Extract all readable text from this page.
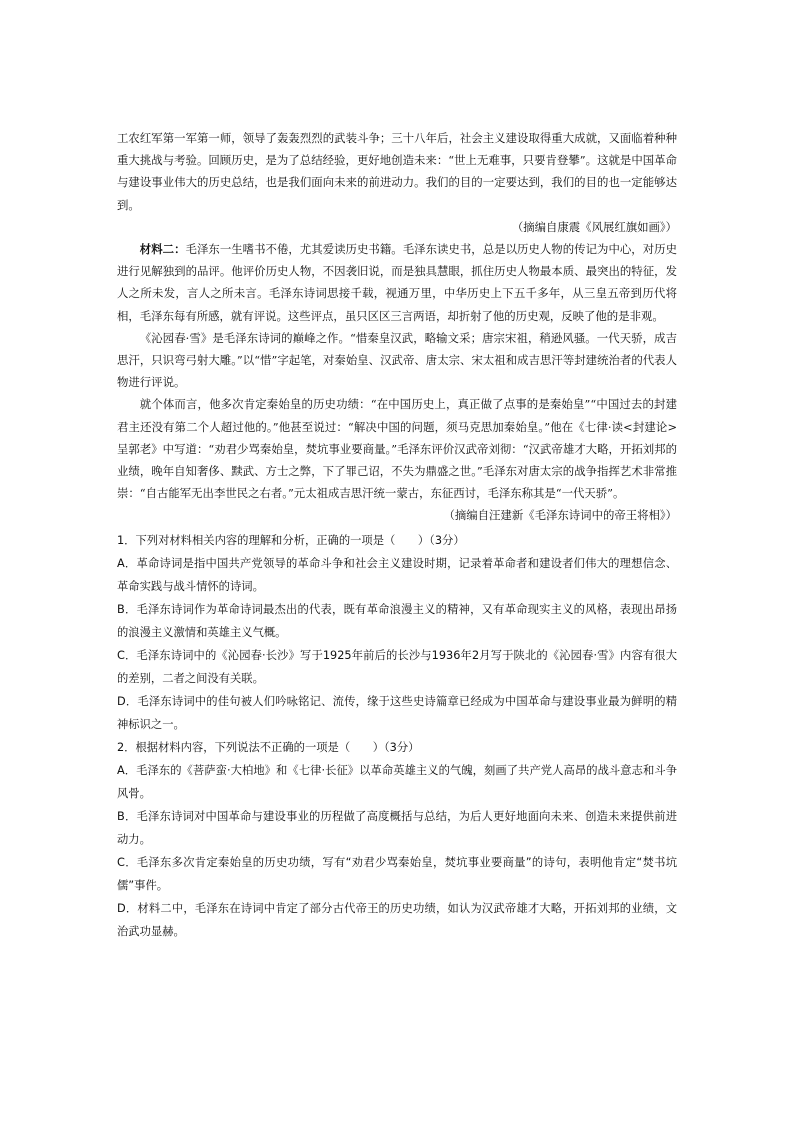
工农红军第一军第一师，领导了轰轰烈烈的武装斗争；三十八年后，社会主义建设取得重大成就，又面临着种种重大挑战与考验。回顾历史，是为了总结经验，更好地创造未来：“世上无难事，只要肯登攀”。这就是中国革命与建设事业伟大的历史总结，也是我们面向未来的前进动力。我们的目的一定要达到，我们的目的也一定能够达到。

（摘编自康震《风展红旗如画》）

材料二：毛泽东一生嗜书不倦，尤其爱读历史书籍。毛泽东读史书，总是以历史人物的传记为中心，对历史进行见解独到的品评。他评价历史人物，不因袭旧说，而是独具慧眼，抓住历史人物最本质、最突出的特征，发人之所未发，言人之所未言。毛泽东诗词思接千载，视通万里，中华历史上下五千多年，从三皇五帝到历代将相，毛泽东每有所感，就有评说。这些评点，虽只区区三言两语，却折射了他的历史观，反映了他的是非观。

《沁园春·雪》是毛泽东诗词的巅峰之作。“惜秦皇汉武，略输文采；唐宗宋祖，稍逊风骚。一代天骄，成吉思汗，只识弯弓射大雕。”以“惜”字起笔，对秦始皇、汉武帝、唐太宗、宋太祖和成吉思汗等封建统治者的代表人物进行评说。

就个体而言，他多次肯定秦始皇的历史功绩：“在中国历史上，真正做了点事的是秦始皇”“中国过去的封建君主还没有第二个人超过他的。”他甚至说过：“解决中国的问题，须马克思加秦始皇。”他在《七律·读<封建论>呈郭老》中写道：“劝君少骂秦始皇，焚坑事业要商量。”毛泽东评价汉武帝刘彻：“汉武帝雄才大略，开拓刘邦的业绩，晚年自知奢侈、黩武、方士之弊，下了罪己诏，不失为鼎盛之世。”毛泽东对唐太宗的战争指挥艺术非常推崇：“自古能军无出李世民之右者。”元太祖成吉思汗统一蒙古，东征西讨，毛泽东称其是“一代天骄”。

（摘编自汪建新《毛泽东诗词中的帝王将相》）

1．下列对材料相关内容的理解和分析，正确的一项是（　　）（3分）

A．革命诗词是指中国共产党领导的革命斗争和社会主义建设时期，记录着革命者和建设者们伟大的理想信念、革命实践与战斗情怀的诗词。

B．毛泽东诗词作为革命诗词最杰出的代表，既有革命浪漫主义的精神，又有革命现实主义的风格，表现出昂扬的浪漫主义激情和英雄主义气概。

C．毛泽东诗词中的《沁园春·长沙》写于1925年前后的长沙与1936年2月写于陕北的《沁园春·雪》内容有很大的差别，二者之间没有关联。

D．毛泽东诗词中的佳句被人们吟咏铭记、流传，缘于这些史诗篇章已经成为中国革命与建设事业最为鲜明的精神标识之一。

2．根据材料内容，下列说法不正确的一项是（　　）（3分）

A．毛泽东的《菩萨蛮·大柏地》和《七律·长征》以革命英雄主义的气魄，刻画了共产党人高昂的战斗意志和斗争风骨。

B．毛泽东诗词对中国革命与建设事业的历程做了高度概括与总结，为后人更好地面向未来、创造未来提供前进动力。

C．毛泽东多次肯定秦始皇的历史功绩，写有“劝君少骂秦始皇，焚坑事业要商量”的诗句，表明他肯定“焚书坑儒”事件。

D．材料二中，毛泽东在诗词中肯定了部分古代帝王的历史功绩，如认为汉武帝雄才大略，开拓刘邦的业绩，文治武功显赫。
